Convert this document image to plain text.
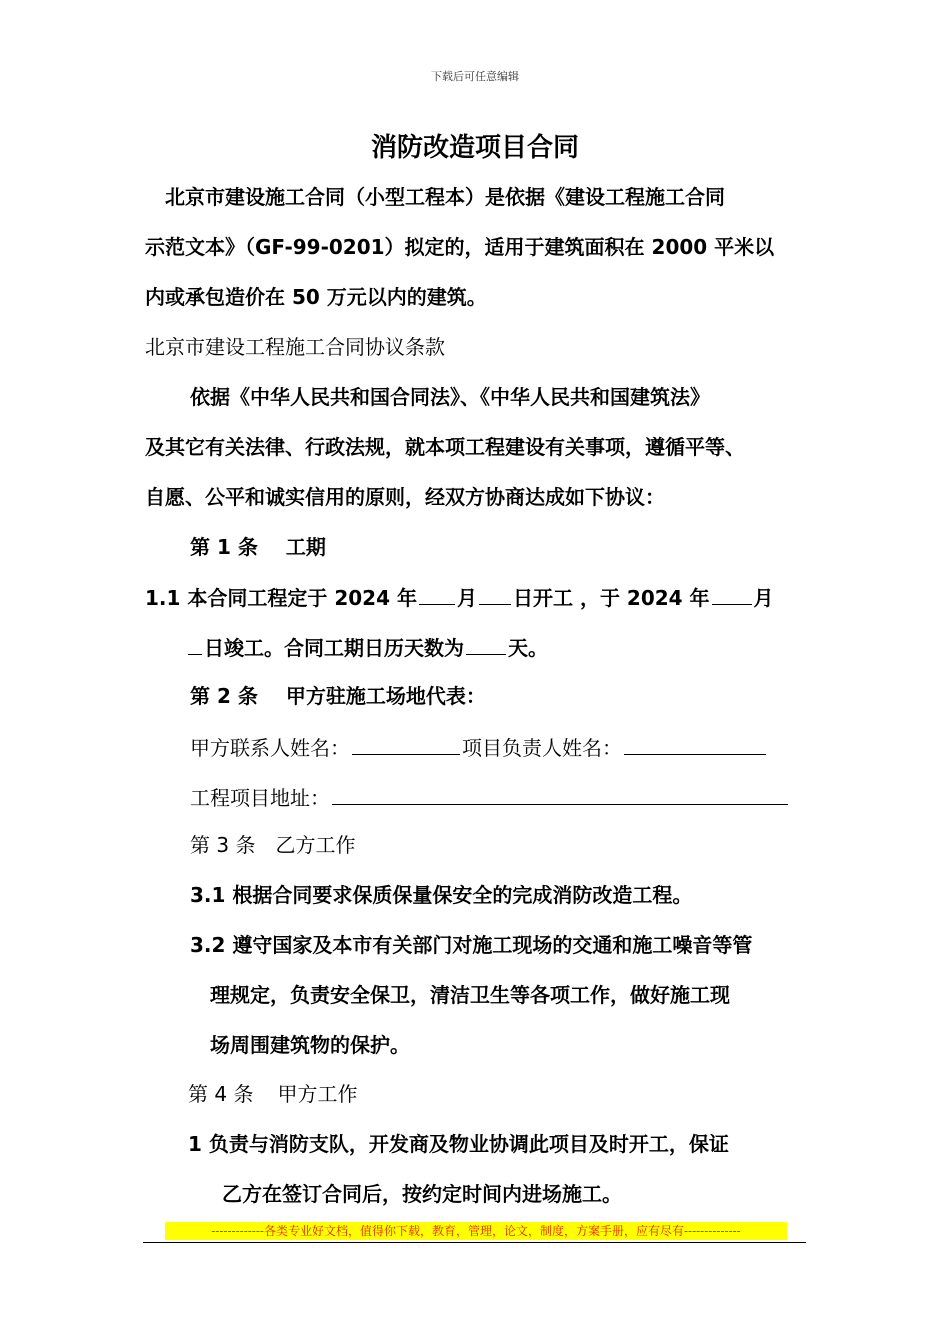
下载后可任意编辑
消防改造项目合同
北京市建设施工合同（小型工程本）是依据《建设工程施工合同
示范文本》（GF-99-0201）拟定的，适用于建筑面积在 2000 平米以
内或承包造价在 50 万元以内的建筑。
北京市建设工程施工合同协议条款
依据《中华人民共和国合同法》、《中华人民共和国建筑法》
及其它有关法律、行政法规，就本项工程建设有关事项，遵循平等、
自愿、公平和诚实信用的原则，经双方协商达成如下协议：
第 1 条 工期
1.1 本合同工程定于 2024 年 月 日开工 ，于 2024 年 月
日竣工。合同工期日历天数为 天。
第 2 条 甲方驻施工场地代表：
甲方联系人姓名：	项目负责人姓名：
工程项目地址：
第 3 条 乙方工作
3.1 根据合同要求保质保量保安全的完成消防改造工程。
3.2 遵守国家及本市有关部门对施工现场的交通和施工噪音等管
理规定，负责安全保卫，清洁卫生等各项工作，做好施工现
场周围建筑物的保护。
第 4 条 甲方工作
1 负责与消防支队，开发商及物业协调此项目及时开工，保证
乙方在签订合同后，按约定时间内进场施工。
-------------各类专业好文档，值得你下载，教育，管理，论文，制度，方案手册，应有尽有--------------
